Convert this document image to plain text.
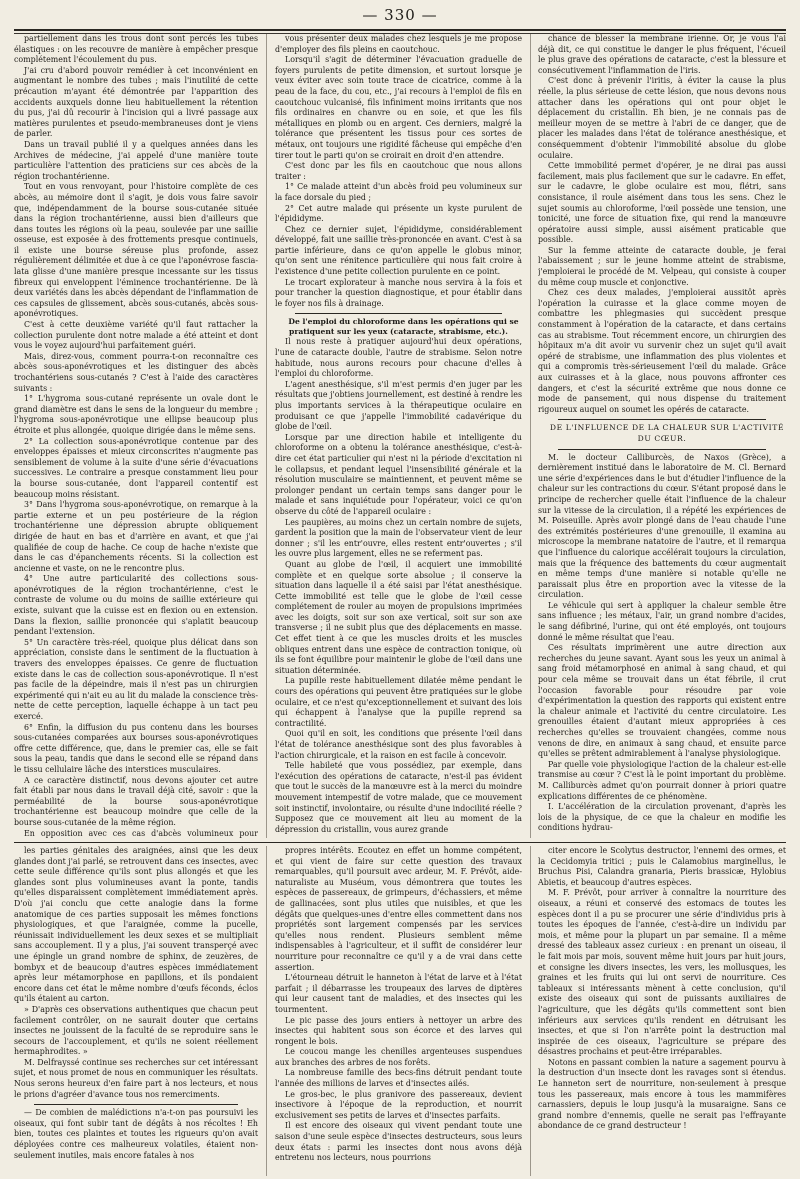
— 330 —

partiellement dans les trous dont sont percés les tubes élastiques : on les recouvre de manière à empêcher presque complétement l'écoulement du pus.

J'ai cru d'abord pouvoir remédier à cet inconvénient en augmentant le nombre des tubes ; mais l'inutilité de cette précaution m'ayant été démontrée par l'apparition des accidents auxquels donne lieu habituellement la rétention du pus, j'ai dû recourir à l'incision qui a livré passage aux matières purulentes et pseudo-membraneuses dont je viens de parler.

Dans un travail publié il y a quelques années dans les Archives de médecine, j'ai appelé d'une manière toute particulière l'attention des praticiens sur ces abcès de la région trochantérienne.

Tout en vous renvoyant, pour l'histoire complète de ces abcès, au mémoire dont il s'agit, je dois vous faire savoir que, indépendamment de la bourse sous-cutanée située dans la région trochantérienne, aussi bien d'ailleurs que dans toutes les régions où la peau, soulevée par une saillie osseuse, est exposée à des frottements presque continuels, il existe une bourse séreuse plus profonde, assez régulièrement délimitée et due à ce que l'aponévrose fascia-lata glisse d'une manière presque incessante sur les tissus fibreux qui enveloppent l'éminence trochantérienne. De là deux variétés dans les abcès dépendant de l'inflammation de ces capsules de glissement, abcès sous-cutanés, abcès sous-aponévrotiques.

C'est à cette deuxième variété qu'il faut rattacher la collection purulente dont notre malade a été atteint et dont vous le voyez aujourd'hui parfaitement guéri.

Mais, direz-vous, comment pourra-t-on reconnaître ces abcès sous-aponévrotiques et les distinguer des abcès trochantériens sous-cutanés ? C'est à l'aide des caractères suivants :

1° L'hygroma sous-cutané représente un ovale dont le grand diamètre est dans le sens de la longueur du membre ; l'hygroma sous-aponévrotique une ellipse beaucoup plus étroite et plus allongée, quoique dirigée dans le même sens.

2° La collection sous-aponévrotique contenue par des enveloppes épaisses et mieux circonscrites n'augmente pas sensiblement de volume à la suite d'une série d'évacuations successives. Le contraire a presque constamment lieu pour la bourse sous-cutanée, dont l'appareil contentif est beaucoup moins résistant.

3° Dans l'hygroma sous-aponévrotique, on remarque à la partie externe et un peu postérieure de la région trochantérienne une dépression abrupte obliquement dirigée de haut en bas et d'arrière en avant, et que j'ai qualifiée de coup de hache. Ce coup de hache n'existe que dans le cas d'épanchements récents. Si la collection est ancienne et vaste, on ne le rencontre plus.

4° Une autre particularité des collections sous-aponévrotiques de la région trochantérienne, c'est le contraste de volume ou du moins de saillie extérieure qui existe, suivant que la cuisse est en flexion ou en extension. Dans la flexion, saillie prononcée qui s'aplatit beaucoup pendant l'extension.

5° Un caractère très-réel, quoique plus délicat dans son appréciation, consiste dans le sentiment de la fluctuation à travers des enveloppes épaisses. Ce genre de fluctuation existe dans le cas de collection sous-aponévrotique. Il n'est pas facile de la dépeindre, mais il n'est pas un chirurgien expérimenté qui n'ait eu au lit du malade la conscience très-nette de cette perception, laquelle échappe à un tact peu exercé.

6° Enfin, la diffusion du pus contenu dans les bourses sous-cutanées comparées aux bourses sous-aponévrotiques offre cette différence, que, dans le premier cas, elle se fait sous la peau, tandis que dans le second elle se répand dans le tissu cellulaire lâche des interstices musculaires.

A ce caractère distinctif, nous devons ajouter cet autre fait établi par nous dans le travail déjà cité, savoir : que la perméabilité de la bourse sous-aponévrotique trochantérienne est beaucoup moindre que celle de la bourse sous-cutanée de la même région.

En opposition avec ces cas d'abcès volumineux pour

vous présenter deux malades chez lesquels je me propose d'employer des fils pleins en caoutchouc.

Lorsqu'il s'agit de déterminer l'évacuation graduelle de foyers purulents de petite dimension, et surtout lorsque je veux éviter avec soin toute trace de cicatrice, comme à la peau de la face, du cou, etc., j'ai recours à l'emploi de fils en caoutchouc vulcanisé, fils infiniment moins irritants que nos fils ordinaires en chanvre ou en soie, et que les fils métalliques en plomb ou en argent. Ces derniers, malgré la tolérance que présentent les tissus pour ces sortes de métaux, ont toujours une rigidité fâcheuse qui empêche d'en tirer tout le parti qu'on se croirait en droit d'en attendre.

C'est donc par les fils en caoutchouc que nous allons traiter :

1° Ce malade atteint d'un abcès froid peu volumineux sur la face dorsale du pied ;

2° Cet autre malade qui présente un kyste purulent de l'épididyme.

Chez ce dernier sujet, l'épididyme, considérablement développé, fait une saillie très-prononcée en avant. C'est à sa partie inférieure, dans ce qu'on appelle le globus minor, qu'on sent une rénitence particulière qui nous fait croire à l'existence d'une petite collection purulente en ce point.

Le trocart explorateur à manche nous servira à la fois et pour trancher la question diagnostique, et pour établir dans le foyer nos fils à drainage.

De l'emploi du chloroforme dans les opérations qui se pratiquent sur les yeux (cataracte, strabisme, etc.).

Il nous reste à pratiquer aujourd'hui deux opérations, l'une de cataracte double, l'autre de strabisme. Selon notre habitude, nous aurons recours pour chacune d'elles à l'emploi du chloroforme.

L'agent anesthésique, s'il m'est permis d'en juger par les résultats que j'obtiens journellement, est destiné à rendre les plus importants services à la thérapeutique oculaire en produisant ce que j'appelle l'immobilité cadavérique du globe de l'œil.

Lorsque par une direction habile et intelligente du chloroforme on a obtenu la tolérance anesthésique, c'est-à-dire cet état particulier qui n'est ni la période d'excitation ni le collapsus, et pendant lequel l'insensibilité générale et la résolution musculaire se maintiennent, et peuvent même se prolonger pendant un certain temps sans danger pour le malade et sans inquiétude pour l'opérateur, voici ce qu'on observe du côté de l'appareil oculaire :

Les paupières, au moins chez un certain nombre de sujets, gardent la position que la main de l'observateur vient de leur donner ; s'il les entr'ouvre, elles restent entr'ouvertes ; s'il les ouvre plus largement, elles ne se referment pas.

Quant au globe de l'œil, il acquiert une immobilité complète et en quelque sorte absolue ; il conserve la situation dans laquelle il a été saisi par l'état anesthésique. Cette immobilité est telle que le globe de l'œil cesse complétement de rouler au moyen de propulsions imprimées avec les doigts, soit sur son axe vertical, soit sur son axe transverse ; il ne subit plus que des déplacements en masse. Cet effet tient à ce que les muscles droits et les muscles obliques entrent dans une espèce de contraction tonique, où ils se font équilibre pour maintenir le globe de l'œil dans une situation déterminée.

La pupille reste habituellement dilatée même pendant le cours des opérations qui peuvent être pratiquées sur le globe oculaire, et ce n'est qu'exceptionnellement et suivant des lois qui échappent à l'analyse que la pupille reprend sa contractilité.

Quoi qu'il en soit, les conditions que présente l'œil dans l'état de tolérance anesthésique sont des plus favorables à l'action chirurgicale, et la raison en est facile à concevoir.

Telle habileté que vous possédiez, par exemple, dans l'exécution des opérations de cataracte, n'est-il pas évident que tout le succès de la manœuvre est à la merci du moindre mouvement intempestif de votre malade, que ce mouvement soit instinctif, involontaire, ou résulte d'une indocilité réelle ? Supposez que ce mouvement ait lieu au moment de la dépression du cristallin, vous aurez grande

chance de blesser la membrane irienne. Or, je vous l'ai déjà dit, ce qui constitue le danger le plus fréquent, l'écueil le plus grave des opérations de cataracte, c'est la blessure et consécutivement l'inflammation de l'iris.

C'est donc à prévenir l'iritis, à éviter la cause la plus réelle, la plus sérieuse de cette lésion, que nous devons nous attacher dans les opérations qui ont pour objet le déplacement du cristallin. Eh bien, je ne connais pas de meilleur moyen de se mettre à l'abri de ce danger, que de placer les malades dans l'état de tolérance anesthésique, et conséquemment d'obtenir l'immobilité absolue du globe oculaire.

Cette immobilité permet d'opérer, je ne dirai pas aussi facilement, mais plus facilement que sur le cadavre. En effet, sur le cadavre, le globe oculaire est mou, flétri, sans consistance, il roule aisément dans tous les sens. Chez le sujet soumis au chloroforme, l'œil possède une tension, une tonicité, une force de situation fixe, qui rend la manœuvre opératoire aussi simple, aussi aisément praticable que possible.

Sur la femme atteinte de cataracte double, je ferai l'abaissement ; sur le jeune homme atteint de strabisme, j'emploierai le procédé de M. Velpeau, qui consiste à couper du même coup muscle et conjonctive.

Chez ces deux malades, j'emploierai aussitôt après l'opération la cuirasse et la glace comme moyen de combattre les phlegmasies qui succèdent presque constamment à l'opération de la cataracte, et dans certains cas au strabisme. Tout récemment encore, un chirurgien des hôpitaux m'a dit avoir vu survenir chez un sujet qu'il avait opéré de strabisme, une inflammation des plus violentes et qui a compromis très-sérieusement l'œil du malade. Grâce aux cuirasses et à la glace, nous pouvons affronter ces dangers, et c'est la sécurité extrême que nous donne ce mode de pansement, qui nous dispense du traitement rigoureux auquel on soumet les opérés de cataracte.

DE L'INFLUENCE DE LA CHALEUR SUR L'ACTIVITÉ DU CŒUR.

M. le docteur Calliburcès, de Naxos (Grèce), a dernièrement institué dans le laboratoire de M. Cl. Bernard une série d'expériences dans le but d'étudier l'influence de la chaleur sur les contractions du cœur. S'étant proposé dans le principe de rechercher quelle était l'influence de la chaleur sur la vitesse de la circulation, il a répété les expériences de M. Poiseuille. Après avoir plongé dans de l'eau chaude l'une des extrémités postérieures d'une grenouille, il examina au microscope la membrane natatoire de l'autre, et il remarqua que l'influence du calorique accélérait toujours la circulation, mais que la fréquence des battements du cœur augmentait en même temps d'une manière si notable qu'elle ne paraissait plus être en proportion avec la vitesse de la circulation.

Le véhicule qui sert à appliquer la chaleur semble être sans influence ; les métaux, l'air, un grand nombre d'acides, le sang défibriné, l'urine, qui ont été employés, ont toujours donné le même résultat que l'eau.

Ces résultats imprimèrent une autre direction aux recherches du jeune savant. Ayant sous les yeux un animal à sang froid métamorphosé en animal à sang chaud, et qui pour cela même se trouvait dans un état fébrile, il crut l'occasion favorable pour résoudre par voie d'expérimentation la question des rapports qui existent entre la chaleur animale et l'activité du centre circulatoire. Les grenouilles étaient d'autant mieux appropriées à ces recherches qu'elles se trouvaient changées, comme nous venons de dire, en animaux à sang chaud, et ensuite parce qu'elles se prêtent admirablement à l'analyse physiologique.

Par quelle voie physiologique l'action de la chaleur est-elle transmise au cœur ? C'est là le point important du problème. M. Calliburcès admet qu'on pourrait donner à priori quatre explications différentes de ce phénomène.

I. L'accélération de la circulation provenant, d'après les lois de la physique, de ce que la chaleur en modifie les conditions hydrau-

les parties génitales des araignées, ainsi que les deux glandes dont j'ai parlé, se retrouvent dans ces insectes, avec cette seule différence qu'ils sont plus allongés et que les glandes sont plus volumineuses avant la ponte, tandis qu'elles disparaissent complètement immédiatement après. D'où j'ai conclu que cette analogie dans la forme anatomique de ces parties supposait les mêmes fonctions physiologiques, et que l'araignée, comme la pucelle, réunissait individuellement les deux sexes et se multipliait sans accouplement. Il y a plus, j'ai souvent transperçé avec une épingle un grand nombre de sphinx, de zeuzères, de bombyx et de beaucoup d'autres espèces immédiatement après leur métamorphose en papillons, et ils pondaient encore dans cet état le même nombre d'œufs féconds, éclos qu'ils étaient au carton.

» D'après ces observations authentiques que chacun peut facilement contrôler, on ne saurait douter que certains insectes ne jouissent de la faculté de se reproduire sans le secours de l'accouplement, et qu'ils ne soient réellement hermaphrodites. »

M. Delfrayssé continue ses recherches sur cet intéressant sujet, et nous promet de nous en communiquer les résultats. Nous serons heureux d'en faire part à nos lecteurs, et nous le prions d'agréer d'avance tous nos remerciments.

— De combien de malédictions n'a-t-on pas poursuivi les oiseaux, qui font subir tant de dégâts à nos récoltes ! Eh bien, toutes ces plaintes et toutes les rigueurs qu'on avait déployées contre ces malheureux volatiles, étaient non-seulement inutiles, mais encore fatales à nos

propres intérêts. Ecoutez en effet un homme compétent, et qui vient de faire sur cette question des travaux remarquables, qu'il poursuit avec ardeur, M. F. Prévôt, aide-naturaliste au Muséum, vous démontrera que toutes les espèces de passereaux, de grimpeurs, d'échassiers, et même de gallinacées, sont plus utiles que nuisibles, et que les dégâts que quelques-unes d'entre elles commettent dans nos propriétés sont largement compensés par les services qu'elles nous rendent. Plusieurs semblent même indispensables à l'agriculteur, et il suffit de considérer leur nourriture pour reconnaître ce qu'il y a de vrai dans cette assertion.

L'étourneau détruit le hanneton à l'état de larve et à l'état parfait ; il débarrasse les troupeaux des larves de diptères qui leur causent tant de maladies, et des insectes qui les tourmentent.

Le pic passe des jours entiers à nettoyer un arbre des insectes qui habitent sous son écorce et des larves qui rongent le bois.

Le coucou mange les chenilles argenteuses suspendues aux branches des arbres de nos forêts.

La nombreuse famille des becs-fins détruit pendant toute l'année des millions de larves et d'insectes ailés.

Le gros-bec, le plus granivore des passereaux, devient insectivore à l'époque de la reproduction, et nourrit exclusivement ses petits de larves et d'insectes parfaits.

Il est encore des oiseaux qui vivent pendant toute une saison d'une seule espèce d'insectes destructeurs, sous leurs deux états : parmi les insectes dont nous avons déjà entretenu nos lecteurs, nous pourrions

citer encore le Scolytus destructor, l'ennemi des ormes, et la Cecidomyia tritici ; puis le Calamobius marginellus, le Bruchus Pisi, Calandra granaria, Pieris brassicæ, Hylobius Abietis, et beaucoup d'autres espèces.

M. F. Prévôt, pour arriver à connaître la nourriture des oiseaux, a réuni et conservé des estomacs de toutes les espèces dont il a pu se procurer une série d'individus pris à toutes les époques de l'année, c'est-à-dire un individu par mois, et même pour la plupart un par semaine. Il a même dressé des tableaux assez curieux : en prenant un oiseau, il le fait mois par mois, souvent même huit jours par huit jours, et consigne les divers insectes, les vers, les mollusques, les graines et les fruits qui lui ont servi de nourriture. Ces tableaux si intéressants mènent à cette conclusion, qu'il existe des oiseaux qui sont de puissants auxiliaires de l'agriculture, que les dégâts qu'ils commettent sont bien inférieurs aux services qu'ils rendent en détruisant les insectes, et que si l'on n'arrête point la destruction mal inspirée de ces oiseaux, l'agriculture se prépare des désastres prochains et peut-être irréparables.

Notons en passant combien la nature a sagement pourvu à la destruction d'un insecte dont les ravages sont si étendus. Le hanneton sert de nourriture, non-seulement à presque tous les passereaux, mais encore à tous les mammifères carnassiers, depuis le loup jusqu'à la musaraigne. Sans ce grand nombre d'ennemis, quelle ne serait pas l'effrayante abondance de ce grand destructeur !
